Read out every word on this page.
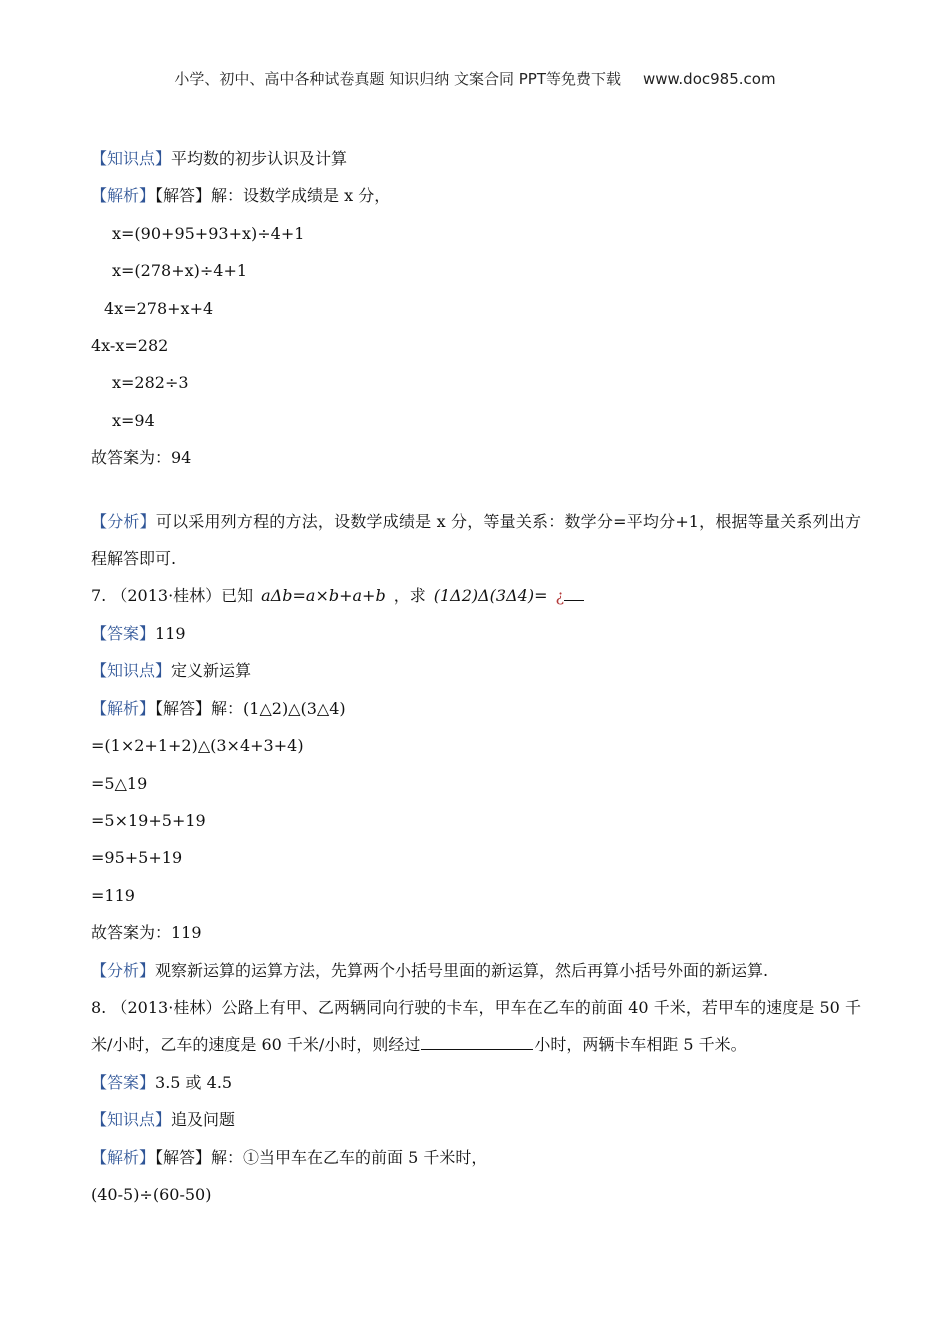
小学、初中、高中各种试卷真题 知识归纳 文案合同 PPT等免费下载 www.doc985.com
【知识点】平均数的初步认识及计算
【解析】【解答】解：设数学成绩是 x 分，
x=(90+95+93+x)÷4+1
x=(278+x)÷4+1
4x=278+x+4
4x-x=282
x=282÷3
x=94
故答案为：94
【分析】可以采用列方程的方法，设数学成绩是 x 分，等量关系：数学分=平均分+1，根据等量关系列出方程解答即可.
7. （2013·桂林）已知 aΔb=a×b+a+b ，求 (1Δ2)Δ(3Δ4)= ¿
【答案】119
【知识点】定义新运算
【解析】【解答】解：(1△2)△(3△4)
=(1×2+1+2)△(3×4+3+4)
=5△19
=5×19+5+19
=95+5+19
=119
故答案为：119
【分析】观察新运算的运算方法，先算两个小括号里面的新运算，然后再算小括号外面的新运算.
8. （2013·桂林）公路上有甲、乙两辆同向行驶的卡车，甲车在乙车的前面 40 千米，若甲车的速度是 50 千米/小时，乙车的速度是 60 千米/小时，则经过	小时，两辆卡车相距 5 千米。
【答案】3.5 或 4.5
【知识点】追及问题
【解析】【解答】解：①当甲车在乙车的前面 5 千米时，
(40-5)÷(60-50)
